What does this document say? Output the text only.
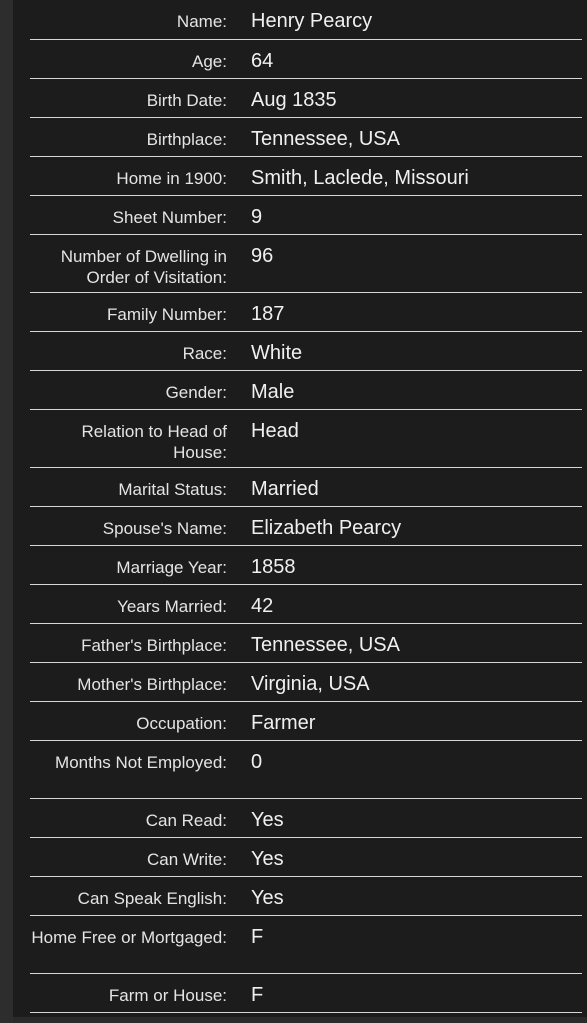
Name:	Henry Pearcy
Age:	64
Birth Date:	Aug 1835
Birthplace:	Tennessee, USA
Home in 1900:	Smith, Laclede, Missouri
Sheet Number:	9
Number of Dwelling in Order of Visitation:
96
Family Number:	187
Race:	White
Gender:	Male
Relation to Head of House:
Head
Marital Status:	Married
Spouse's Name:	Elizabeth Pearcy
Marriage Year:	1858
Years Married:	42
Father's Birthplace:	Tennessee, USA
Mother's Birthplace:	Virginia, USA
Occupation:	Farmer
Months Not Employed:	0
Can Read:	Yes
Can Write:	Yes
Can Speak English:	Yes
Home Free or Mortgaged:	F
Farm or House:	F
